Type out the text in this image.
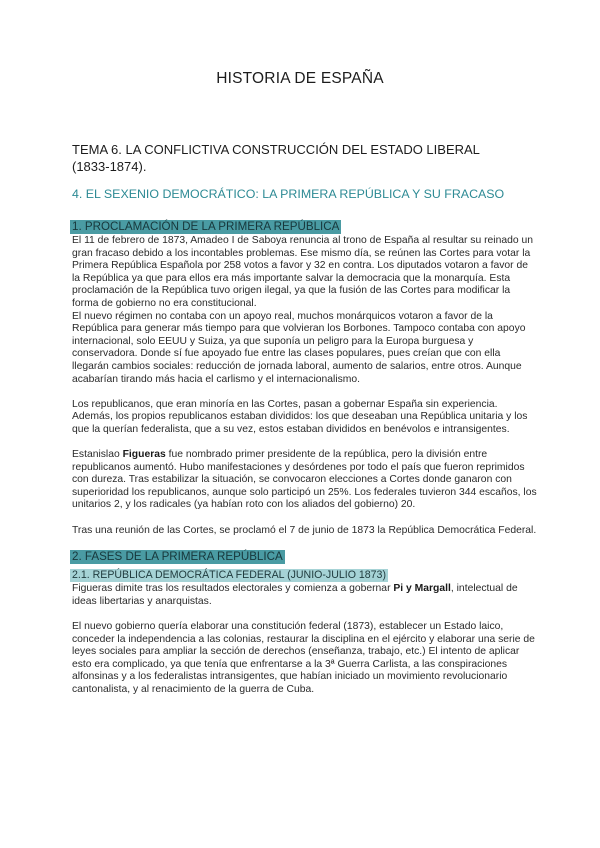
HISTORIA DE ESPAÑA
TEMA 6. LA CONFLICTIVA CONSTRUCCIÓN DEL ESTADO LIBERAL (1833-1874).
4. EL SEXENIO DEMOCRÁTICO: LA PRIMERA REPÚBLICA Y SU FRACASO
1. PROCLAMACIÓN DE LA PRIMERA REPÚBLICA

El 11 de febrero de 1873, Amadeo I de Saboya renuncia al trono de España al resultar su reinado un gran fracaso debido a los incontables problemas. Ese mismo día, se reúnen las Cortes para votar la Primera República Española por 258 votos a favor y 32 en contra. Los diputados votaron a favor de la República ya que para ellos era más importante salvar la democracia que la monarquía. Esta proclamación de la República tuvo origen ilegal, ya que la fusión de las Cortes para modificar la forma de gobierno no era constitucional.

El nuevo régimen no contaba con un apoyo real, muchos monárquicos votaron a favor de la República para generar más tiempo para que volvieran los Borbones. Tampoco contaba con apoyo internacional, solo EEUU y Suiza, ya que suponía un peligro para la Europa burguesa y conservadora. Donde sí fue apoyado fue entre las clases populares, pues creían que con ella llegarán cambios sociales: reducción de jornada laboral, aumento de salarios, entre otros. Aunque acabarían tirando más hacia el carlismo y el internacionalismo.

Los republicanos, que eran minoría en las Cortes, pasan a gobernar España sin experiencia. Además, los propios republicanos estaban divididos: los que deseaban una República unitaria y los que la querían federalista, que a su vez, estos estaban divididos en benévolos e intransigentes.

Estanislao Figueras fue nombrado primer presidente de la república, pero la división entre republicanos aumentó. Hubo manifestaciones y desórdenes por todo el país que fueron reprimidos con dureza. Tras estabilizar la situación, se convocaron elecciones a Cortes donde ganaron con superioridad los republicanos, aunque solo participó un 25%. Los federales tuvieron 344 escaños, los unitarios 2, y los radicales (ya habían roto con los aliados del gobierno) 20.

Tras una reunión de las Cortes, se proclamó el 7 de junio de 1873 la República Democrática Federal.

2. FASES DE LA PRIMERA REPÚBLICA
2.1. REPÚBLICA DEMOCRÁTICA FEDERAL (JUNIO-JULIO 1873)

Figueras dimite tras los resultados electorales y comienza a gobernar Pi y Margall, intelectual de ideas libertarias y anarquistas.

El nuevo gobierno quería elaborar una constitución federal (1873), establecer un Estado laico, conceder la independencia a las colonias, restaurar la disciplina en el ejército y elaborar una serie de leyes sociales para ampliar la sección de derechos (enseñanza, trabajo, etc.) El intento de aplicar esto era complicado, ya que tenía que enfrentarse a la 3ª Guerra Carlista, a las conspiraciones alfonsinas y a los federalistas intransigentes, que habían iniciado un movimiento revolucionario cantonalista, y al renacimiento de la guerra de Cuba.
